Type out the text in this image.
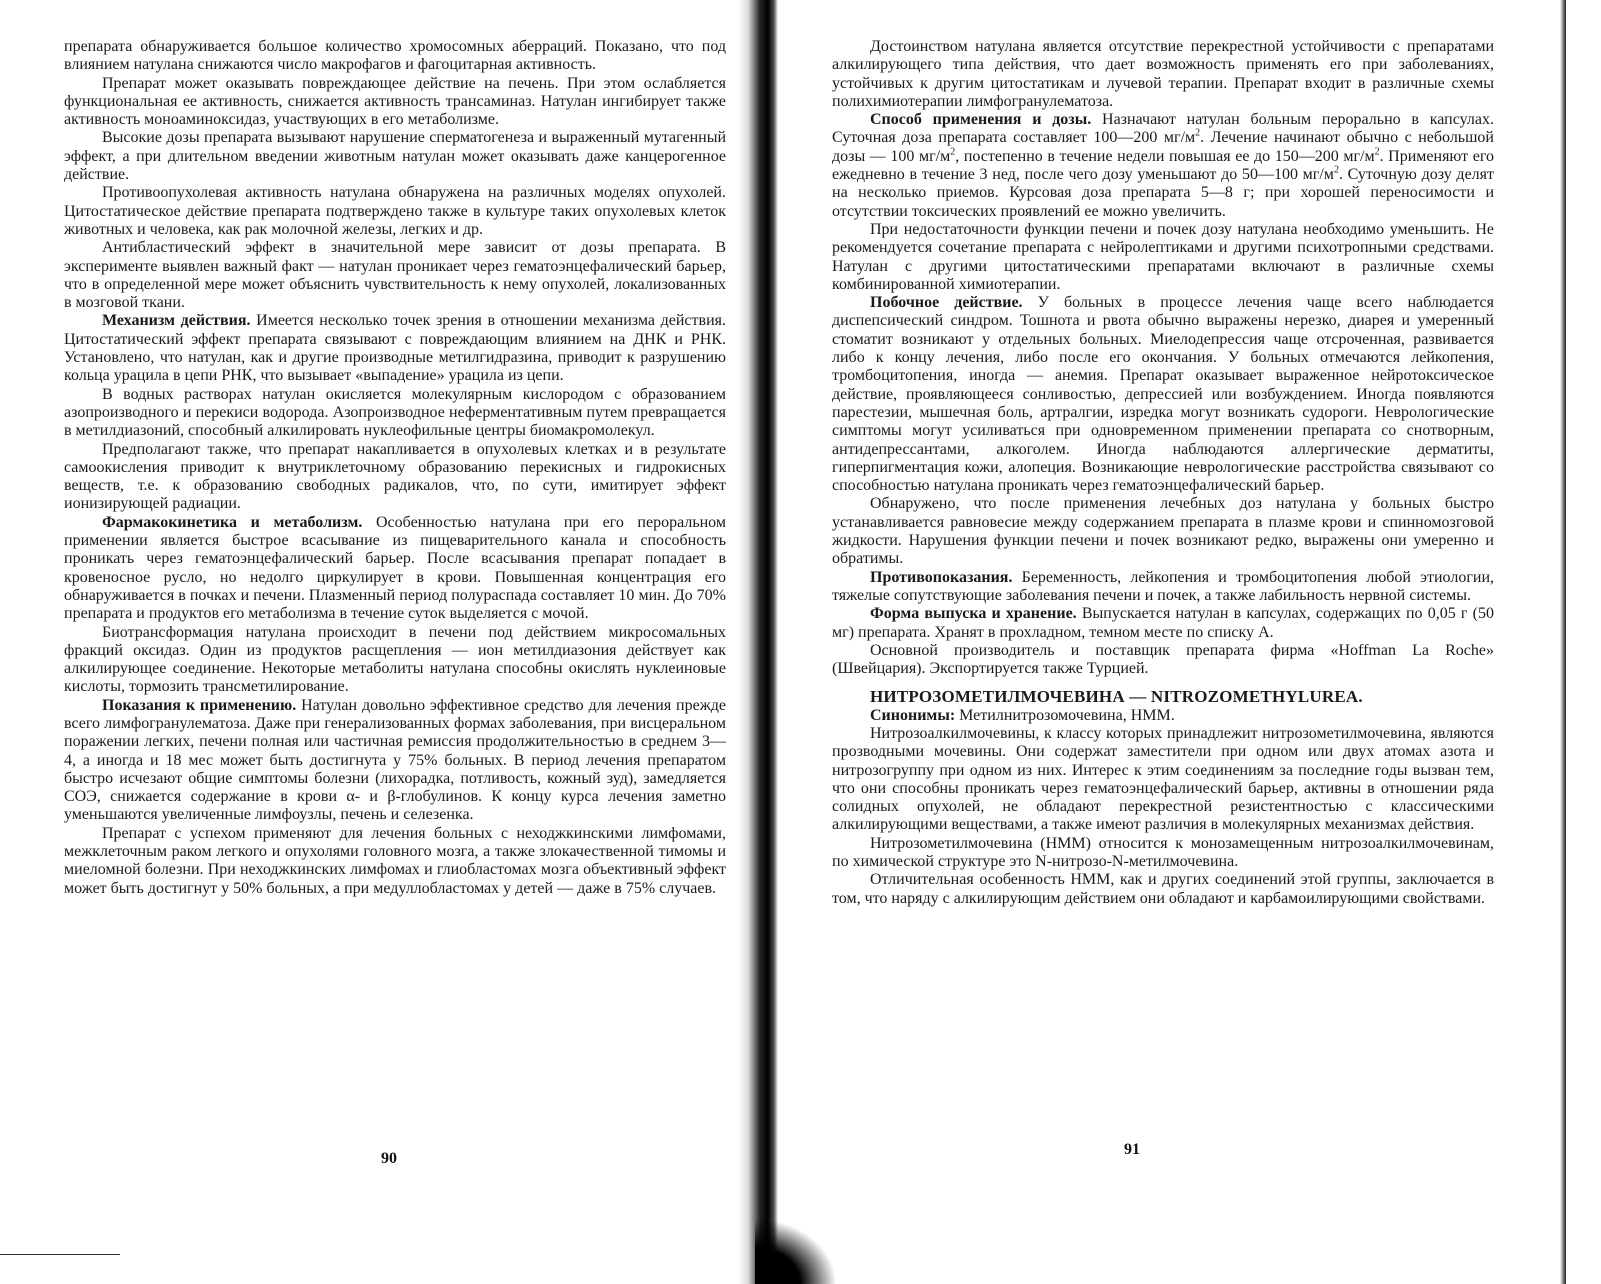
препарата обнаруживается большое количество хромосомных аберраций. Показано, что под влиянием натулана снижаются число макрофагов и фагоцитарная активность.

Препарат может оказывать повреждающее действие на печень. При этом ослабляется функциональная ее активность, снижается активность трансаминаз. Натулан ингибирует также активность моноаминоксидаз, участвующих в его метаболизме.

Высокие дозы препарата вызывают нарушение сперматогенеза и выраженный мутагенный эффект, а при длительном введении животным натулан может оказывать даже канцерогенное действие.

Противоопухолевая активность натулана обнаружена на различных моделях опухолей. Цитостатическое действие препарата подтверждено также в культуре таких опухолевых клеток животных и человека, как рак молочной железы, легких и др.

Антибластический эффект в значительной мере зависит от дозы препарата. В эксперименте выявлен важный факт — натулан проникает через гематоэнцефалический барьер, что в определенной мере может объяснить чувствительность к нему опухолей, локализованных в мозговой ткани.

Механизм действия. Имеется несколько точек зрения в отношении механизма действия. Цитостатический эффект препарата связывают с повреждающим влиянием на ДНК и РНК. Установлено, что натулан, как и другие производные метилгидразина, приводит к разрушению кольца урацила в цепи РНК, что вызывает «выпадение» урацила из цепи.

В водных растворах натулан окисляется молекулярным кислородом с образованием азопроизводного и перекиси водорода. Азопроизводное неферментативным путем превращается в метилдиазоний, способный алкилировать нуклеофильные центры биомакромолекул.

Предполагают также, что препарат накапливается в опухолевых клетках и в результате самоокисления приводит к внутриклеточному образованию перекисных и гидрокисных веществ, т.е. к образованию свободных радикалов, что, по сути, имитирует эффект ионизирующей радиации.

Фармакокинетика и метаболизм. Особенностью натулана при его пероральном применении является быстрое всасывание из пищеварительного канала и способность проникать через гематоэнцефалический барьер. После всасывания препарат попадает в кровеносное русло, но недолго циркулирует в крови. Повышенная концентрация его обнаруживается в почках и печени. Плазменный период полураспада составляет 10 мин. До 70% препарата и продуктов его метаболизма в течение суток выделяется с мочой.

Биотрансформация натулана происходит в печени под действием микросомальных фракций оксидаз. Один из продуктов расщепления — ион метилдиазония действует как алкилирующее соединение. Некоторые метаболиты натулана способны окислять нуклеиновые кислоты, тормозить трансметилирование.

Показания к применению. Натулан довольно эффективное средство для лечения прежде всего лимфогранулематоза. Даже при генерализованных формах заболевания, при висцеральном поражении легких, печени полная или частичная ремиссия продолжительностью в среднем 3—4, а иногда и 18 мес может быть достигнута у 75% больных. В период лечения препаратом быстро исчезают общие симптомы болезни (лихорадка, потливость, кожный зуд), замедляется СОЭ, снижается содержание в крови α- и β-глобулинов. К концу курса лечения заметно уменьшаются увеличенные лимфоузлы, печень и селезенка.

Препарат с успехом применяют для лечения больных с неходжкинскими лимфомами, межклеточным раком легкого и опухолями головного мозга, а также злокачественной тимомы и миеломной болезни. При неходжкинских лимфомах и глиобластомах мозга объективный эффект может быть достигнут у 50% больных, а при медуллобластомах у детей — даже в 75% случаев.

90

Достоинством натулана является отсутствие перекрестной устойчивости с препаратами алкилирующего типа действия, что дает возможность применять его при заболеваниях, устойчивых к другим цитостатикам и лучевой терапии. Препарат входит в различные схемы полихимиотерапии лимфогранулематоза.

Способ применения и дозы. Назначают натулан больным перорально в капсулах. Суточная доза препарата составляет 100—200 $мг/м^2$. Лечение начинают обычно с небольшой дозы — 100 $мг/м^2$, постепенно в течение недели повышая ее до 150—200 $мг/м^2$. Применяют его ежедневно в течение 3 нед, после чего дозу уменьшают до 50—100 $мг/м^2$. Суточную дозу делят на несколько приемов. Курсовая доза препарата 5—8 г; при хорошей переносимости и отсутствии токсических проявлений ее можно увеличить.

При недостаточности функции печени и почек дозу натулана необходимо уменьшить. Не рекомендуется сочетание препарата с нейролептиками и другими психотропными средствами. Натулан с другими цитостатическими препаратами включают в различные схемы комбинированной химиотерапии.

Побочное действие. У больных в процессе лечения чаще всего наблюдается диспепсический синдром. Тошнота и рвота обычно выражены нерезко, диарея и умеренный стоматит возникают у отдельных больных. Миелодепрессия чаще отсроченная, развивается либо к концу лечения, либо после его окончания. У больных отмечаются лейкопения, тромбоцитопения, иногда — анемия. Препарат оказывает выраженное нейротоксическое действие, проявляющееся сонливостью, депрессией или возбуждением. Иногда появляются парестезии, мышечная боль, артралгии, изредка могут возникать судороги. Неврологические симптомы могут усиливаться при одновременном применении препарата со снотворным, антидепрессантами, алкоголем. Иногда наблюдаются аллергические дерматиты, гиперпигментация кожи, алопеция. Возникающие неврологические расстройства связывают со способностью натулана проникать через гематоэнцефалический барьер.

Обнаружено, что после применения лечебных доз натулана у больных быстро устанавливается равновесие между содержанием препарата в плазме крови и спинномозговой жидкости. Нарушения функции печени и почек возникают редко, выражены они умеренно и обратимы.

Противопоказания. Беременность, лейкопения и тромбоцитопения любой этиологии, тяжелые сопутствующие заболевания печени и почек, а также лабильность нервной системы.

Форма выпуска и хранение. Выпускается натулан в капсулах, содержащих по 0,05 г (50 мг) препарата. Хранят в прохладном, темном месте по списку А.

Основной производитель и поставщик препарата фирма «Hoffman La Roche» (Швейцария). Экспортируется также Турцией.

НИТРОЗОМЕТИЛМОЧЕВИНА — NITROZOMETHYLUREA.

Синонимы: Метилнитрозомочевина, НММ.

Нитрозоалкилмочевины, к классу которых принадлежит нитрозометилмочевина, являются прозводными мочевины. Они содержат заместители при одном или двух атомах азота и нитрозогруппу при одном из них. Интерес к этим соединениям за последние годы вызван тем, что они способны проникать через гематоэнцефалический барьер, активны в отношении ряда солидных опухолей, не обладают перекрестной резистентностью с классическими алкилирующими веществами, а также имеют различия в молекулярных механизмах действия.

Нитрозометилмочевина (НММ) относится к монозамещенным нитрозоалкилмочевинам, по химической структуре это N-нитрозо-N-метилмочевина.

Отличительная особенность НММ, как и других соединений этой группы, заключается в том, что наряду с алкилирующим действием они обладают и карбамоилирующими свойствами.

91
